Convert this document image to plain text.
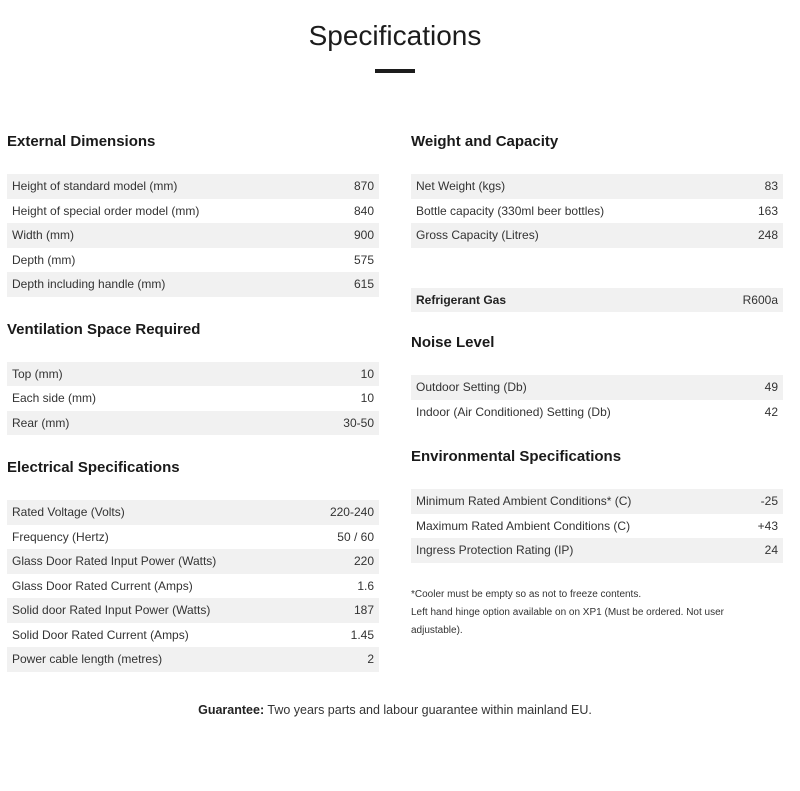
Specifications
External Dimensions
Height of standard model (mm)	870
Height of special order model (mm)	840
Width (mm)	900
Depth (mm)	575
Depth including handle (mm)	615
Ventilation Space Required
Top (mm)	10
Each side (mm)	10
Rear (mm)	30-50
Electrical Specifications
Rated Voltage (Volts)	220-240
Frequency (Hertz)	50 / 60
Glass Door Rated Input Power (Watts)	220
Glass Door Rated Current (Amps)	1.6
Solid door Rated Input Power (Watts)	187
Solid Door Rated Current (Amps)	1.45
Power cable length (metres)	2
Weight and Capacity
Net Weight (kgs)	83
Bottle capacity (330ml beer bottles)	163
Gross Capacity (Litres)	248
Refrigerant Gas	R600a
Noise Level
Outdoor Setting (Db)	49
Indoor (Air Conditioned) Setting (Db)	42
Environmental Specifications
Minimum Rated Ambient Conditions* (C)	-25
Maximum Rated Ambient Conditions (C)	+43
Ingress Protection Rating (IP)	24

*Cooler must be empty so as not to freeze contents.

Left hand hinge option available on on XP1 (Must be ordered. Not user adjustable).

Guarantee: Two years parts and labour guarantee within mainland EU.
